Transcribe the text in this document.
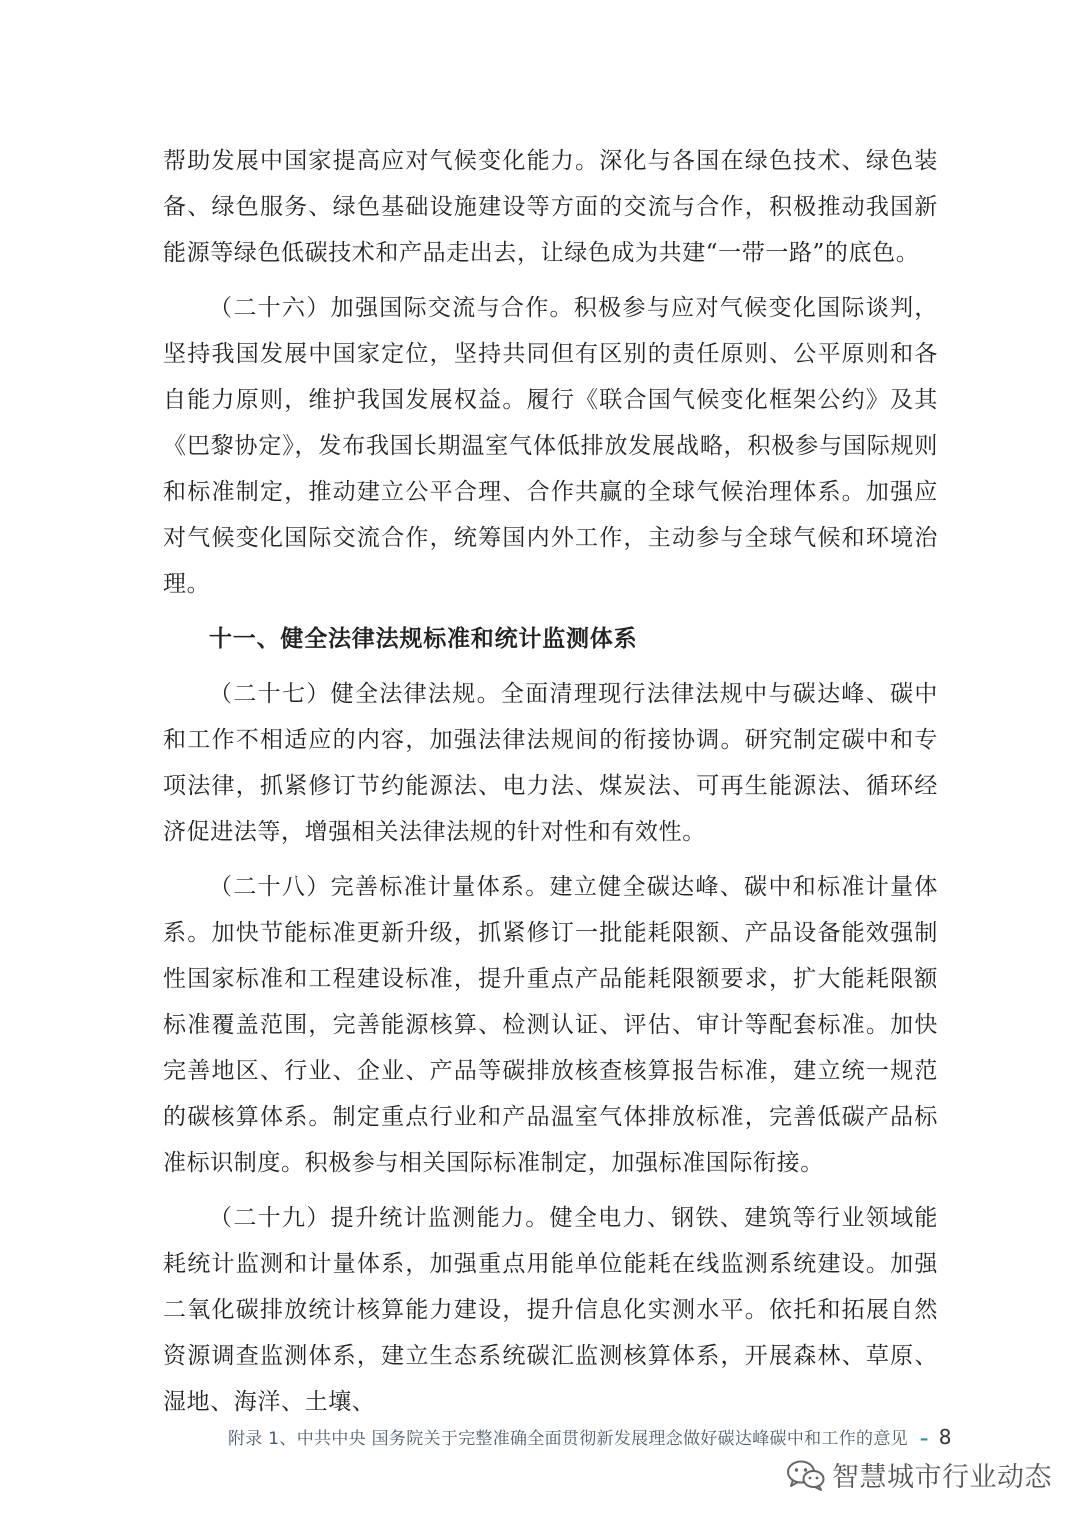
帮助发展中国家提高应对气候变化能力。深化与各国在绿色技术、绿色装备、绿色服务、绿色基础设施建设等方面的交流与合作，积极推动我国新能源等绿色低碳技术和产品走出去，让绿色成为共建“一带一路”的底色。

（二十六）加强国际交流与合作。积极参与应对气候变化国际谈判，坚持我国发展中国家定位，坚持共同但有区别的责任原则、公平原则和各自能力原则，维护我国发展权益。履行《联合国气候变化框架公约》及其《巴黎协定》，发布我国长期温室气体低排放发展战略，积极参与国际规则和标准制定，推动建立公平合理、合作共赢的全球气候治理体系。加强应对气候变化国际交流合作，统筹国内外工作，主动参与全球气候和环境治理。

十一、健全法律法规标准和统计监测体系

（二十七）健全法律法规。全面清理现行法律法规中与碳达峰、碳中和工作不相适应的内容，加强法律法规间的衔接协调。研究制定碳中和专项法律，抓紧修订节约能源法、电力法、煤炭法、可再生能源法、循环经济促进法等，增强相关法律法规的针对性和有效性。

（二十八）完善标准计量体系。建立健全碳达峰、碳中和标准计量体系。加快节能标准更新升级，抓紧修订一批能耗限额、产品设备能效强制性国家标准和工程建设标准，提升重点产品能耗限额要求，扩大能耗限额标准覆盖范围，完善能源核算、检测认证、评估、审计等配套标准。加快完善地区、行业、企业、产品等碳排放核查核算报告标准，建立统一规范的碳核算体系。制定重点行业和产品温室气体排放标准，完善低碳产品标准标识制度。积极参与相关国际标准制定，加强标准国际衔接。

（二十九）提升统计监测能力。健全电力、钢铁、建筑等行业领域能耗统计监测和计量体系，加强重点用能单位能耗在线监测系统建设。加强二氧化碳排放统计核算能力建设，提升信息化实测水平。依托和拓展自然资源调查监测体系，建立生态系统碳汇监测核算体系，开展森林、草原、湿地、海洋、土壤、

附录 1、中共中央 国务院关于完整准确全面贯彻新发展理念做好碳达峰碳中和工作的意见 – 8
智慧城市行业动态
